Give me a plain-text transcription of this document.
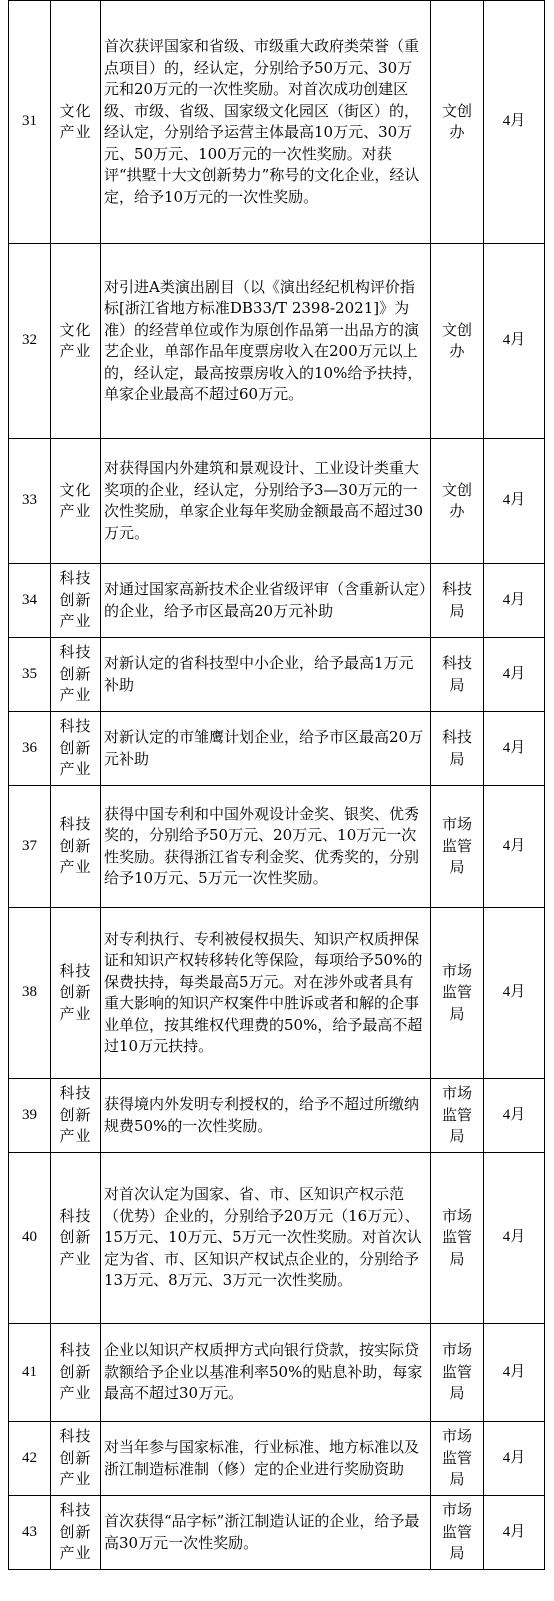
31	文化产业	首次获评国家和省级、市级重大政府类荣誉（重点项目）的，经认定，分别给予50万元、30万元和20万元的一次性奖励。对首次成功创建区级、市级、省级、国家级文化园区（街区）的，经认定，分别给予运营主体最高10万元、30万元、50万元、100万元的一次性奖励。对获评“拱墅十大文创新势力”称号的文化企业，经认定，给予10万元的一次性奖励。	文创办	4月
32	文化产业	对引进A类演出剧目（以《演出经纪机构评价指标[浙江省地方标准DB33/T 2398-2021]》为准）的经营单位或作为原创作品第一出品方的演艺企业，单部作品年度票房收入在200万元以上的，经认定，最高按票房收入的10%给予扶持，单家企业最高不超过60万元。	文创办	4月
33	文化产业	对获得国内外建筑和景观设计、工业设计类重大奖项的企业，经认定，分别给予3—30万元的一次性奖励，单家企业每年奖励金额最高不超过30万元。	文创办	4月
34	科技创新产业	对通过国家高新技术企业省级评审（含重新认定）的企业，给予市区最高20万元补助	科技局	4月
35	科技创新产业	对新认定的省科技型中小企业，给予最高1万元补助	科技局	4月
36	科技创新产业	对新认定的市雏鹰计划企业，给予市区最高20万元补助	科技局	4月
37	科技创新产业	获得中国专利和中国外观设计金奖、银奖、优秀奖的，分别给予50万元、20万元、10万元一次性奖励。获得浙江省专利金奖、优秀奖的，分别给予10万元、5万元一次性奖励。	市场监管局	4月
38	科技创新产业	对专利执行、专利被侵权损失、知识产权质押保证和知识产权转移转化等保险，每项给予50%的保费扶持，每类最高5万元。对在涉外或者具有重大影响的知识产权案件中胜诉或者和解的企事业单位，按其维权代理费的50%，给予最高不超过10万元扶持。	市场监管局	4月
39	科技创新产业	获得境内外发明专利授权的，给予不超过所缴纳规费50%的一次性奖励。	市场监管局	4月
40	科技创新产业	对首次认定为国家、省、市、区知识产权示范（优势）企业的，分别给予20万元（16万元）、15万元、10万元、5万元一次性奖励。对首次认定为省、市、区知识产权试点企业的，分别给予13万元、8万元、3万元一次性奖励。	市场监管局	4月
41	科技创新产业	企业以知识产权质押方式向银行贷款，按实际贷款额给予企业以基准利率50%的贴息补助，每家最高不超过30万元。	市场监管局	4月
42	科技创新产业	对当年参与国家标准，行业标准、地方标准以及浙江制造标准制（修）定的企业进行奖励资助	市场监管局	4月
43	科技创新产业	首次获得“品字标”浙江制造认证的企业，给予最高30万元一次性奖励。	市场监管局	4月
